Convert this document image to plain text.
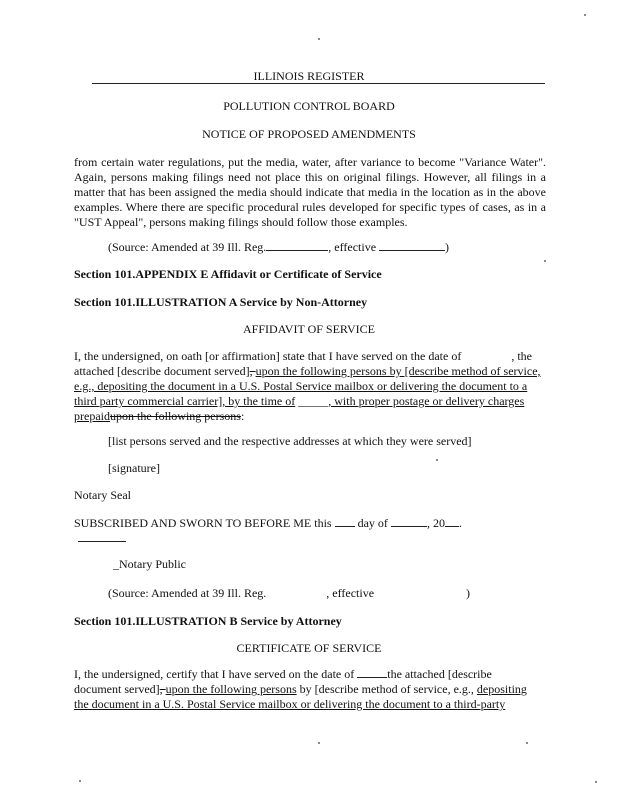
ILLINOIS REGISTER
POLLUTION CONTROL BOARD
NOTICE OF PROPOSED AMENDMENTS
from certain water regulations, put the media, water, after variance to become "Variance Water". Again, persons making filings need not place this on original filings. However, all filings in a matter that has been assigned the media should indicate that media in the location as in the above examples. Where there are specific procedural rules developed for specific types of cases, as in a "UST Appeal", persons making filings should follow those examples.
(Source: Amended at 39 Ill. Reg.	, effective	)
Section 101.APPENDIX E Affidavit or Certificate of Service
Section 101.ILLUSTRATION A Service by Non-Attorney
AFFIDAVIT OF SERVICE
I, the undersigned, on oath [or affirmation] state that I have served on the date of	, the
attached [describe document served], upon the following persons by [describe method of service,
e.g., depositing the document in a U.S. Postal Service mailbox or delivering the document to a
third party commercial carrier], by the time of _____, with proper postage or delivery charges
prepaidupon the following persons:
[list persons served and the respective addresses at which they were served]
[signature]
Notary Seal
SUBSCRIBED AND SWORN TO BEFORE ME this day of	, 20 .
_Notary Public
(Source: Amended at 39 Ill. Reg.	, effective	)
Section 101.ILLUSTRATION B Service by Attorney
CERTIFICATE OF SERVICE
I, the undersigned, certify that I have served on the date of	the attached [describe
document served], upon the following persons by [describe method of service, e.g., depositing
the document in a U.S. Postal Service mailbox or delivering the document to a third-party
